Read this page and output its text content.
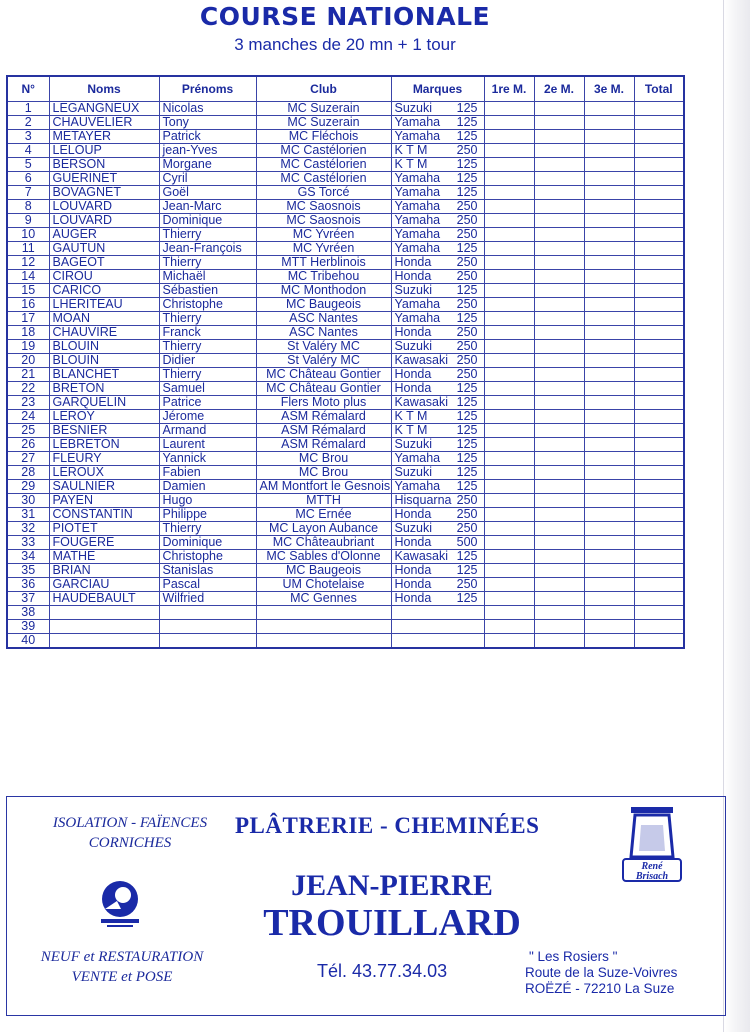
COURSE NATIONALE
3 manches de 20 mn + 1 tour
N°	Noms	Prénoms	Club	Marques	1re M.	2e M.	3e M.	Total
1	LEGANGNEUX	Nicolas	MC Suzerain	Suzuki 125				

2	CHAUVELIER	Tony	MC Suzerain	Yamaha 125				

3	METAYER	Patrick	MC Fléchois	Yamaha 125				

4	LELOUP	jean-Yves	MC Castélorien	K T M 250				

5	BERSON	Morgane	MC Castélorien	K T M 125				

6	GUERINET	Cyril	MC Castélorien	Yamaha 125				

7	BOVAGNET	Goël	GS Torcé	Yamaha 125				

8	LOUVARD	Jean-Marc	MC Saosnois	Yamaha 250				

9	LOUVARD	Dominique	MC Saosnois	Yamaha 250				

10	AUGER	Thierry	MC Yvréen	Yamaha 250				

11	GAUTUN	Jean-François	MC Yvréen	Yamaha 125				

12	BAGEOT	Thierry	MTT Herblinois	Honda 250				

14	CIROU	Michaël	MC Tribehou	Honda 250				

15	CARICO	Sébastien	MC Monthodon	Suzuki 125				

16	LHERITEAU	Christophe	MC Baugeois	Yamaha 250				

17	MOAN	Thierry	ASC Nantes	Yamaha 125				

18	CHAUVIRE	Franck	ASC Nantes	Honda 250				

19	BLOUIN	Thierry	St Valéry MC	Suzuki 250				

20	BLOUIN	Didier	St Valéry MC	Kawasaki 250				

21	BLANCHET	Thierry	MC Château Gontier	Honda 250				

22	BRETON	Samuel	MC Château Gontier	Honda 125				

23	GARQUELIN	Patrice	Flers Moto plus	Kawasaki 125				

24	LEROY	Jérome	ASM Rémalard	K T M 125				

25	BESNIER	Armand	ASM Rémalard	K T M 125				

26	LEBRETON	Laurent	ASM Rémalard	Suzuki 125				

27	FLEURY	Yannick	MC Brou	Yamaha 125				

28	LEROUX	Fabien	MC Brou	Suzuki 125				

29	SAULNIER	Damien	AM Montfort le Gesnois	Yamaha 125				

30	PAYEN	Hugo	MTTH	Hisquarna 250				

31	CONSTANTIN	Philippe	MC Ernée	Honda 250				

32	PIOTET	Thierry	MC Layon Aubance	Suzuki 250				

33	FOUGERE	Dominique	MC Châteaubriant	Honda 500				

34	MATHE	Christophe	MC Sables d'Olonne	Kawasaki 125				

35	BRIAN	Stanislas	MC Baugeois	Honda 125				

36	GARCIAU	Pascal	UM Chotelaise	Honda 250				

37	HAUDEBAULT	Wilfried	MC Gennes	Honda 125				

38				

39				

40				

ISOLATION - FAÏENCES
CORNICHES
PLÂTRERIE - CHEMINÉES
JEAN-PIERRE
TROUILLARD
René
Brisach
NEUF et RESTAURATION
VENTE et POSE	Tél. 43.77.34.03
" Les Rosiers "
Route de la Suze-Voivres
ROËZÉ - 72210 La Suze
